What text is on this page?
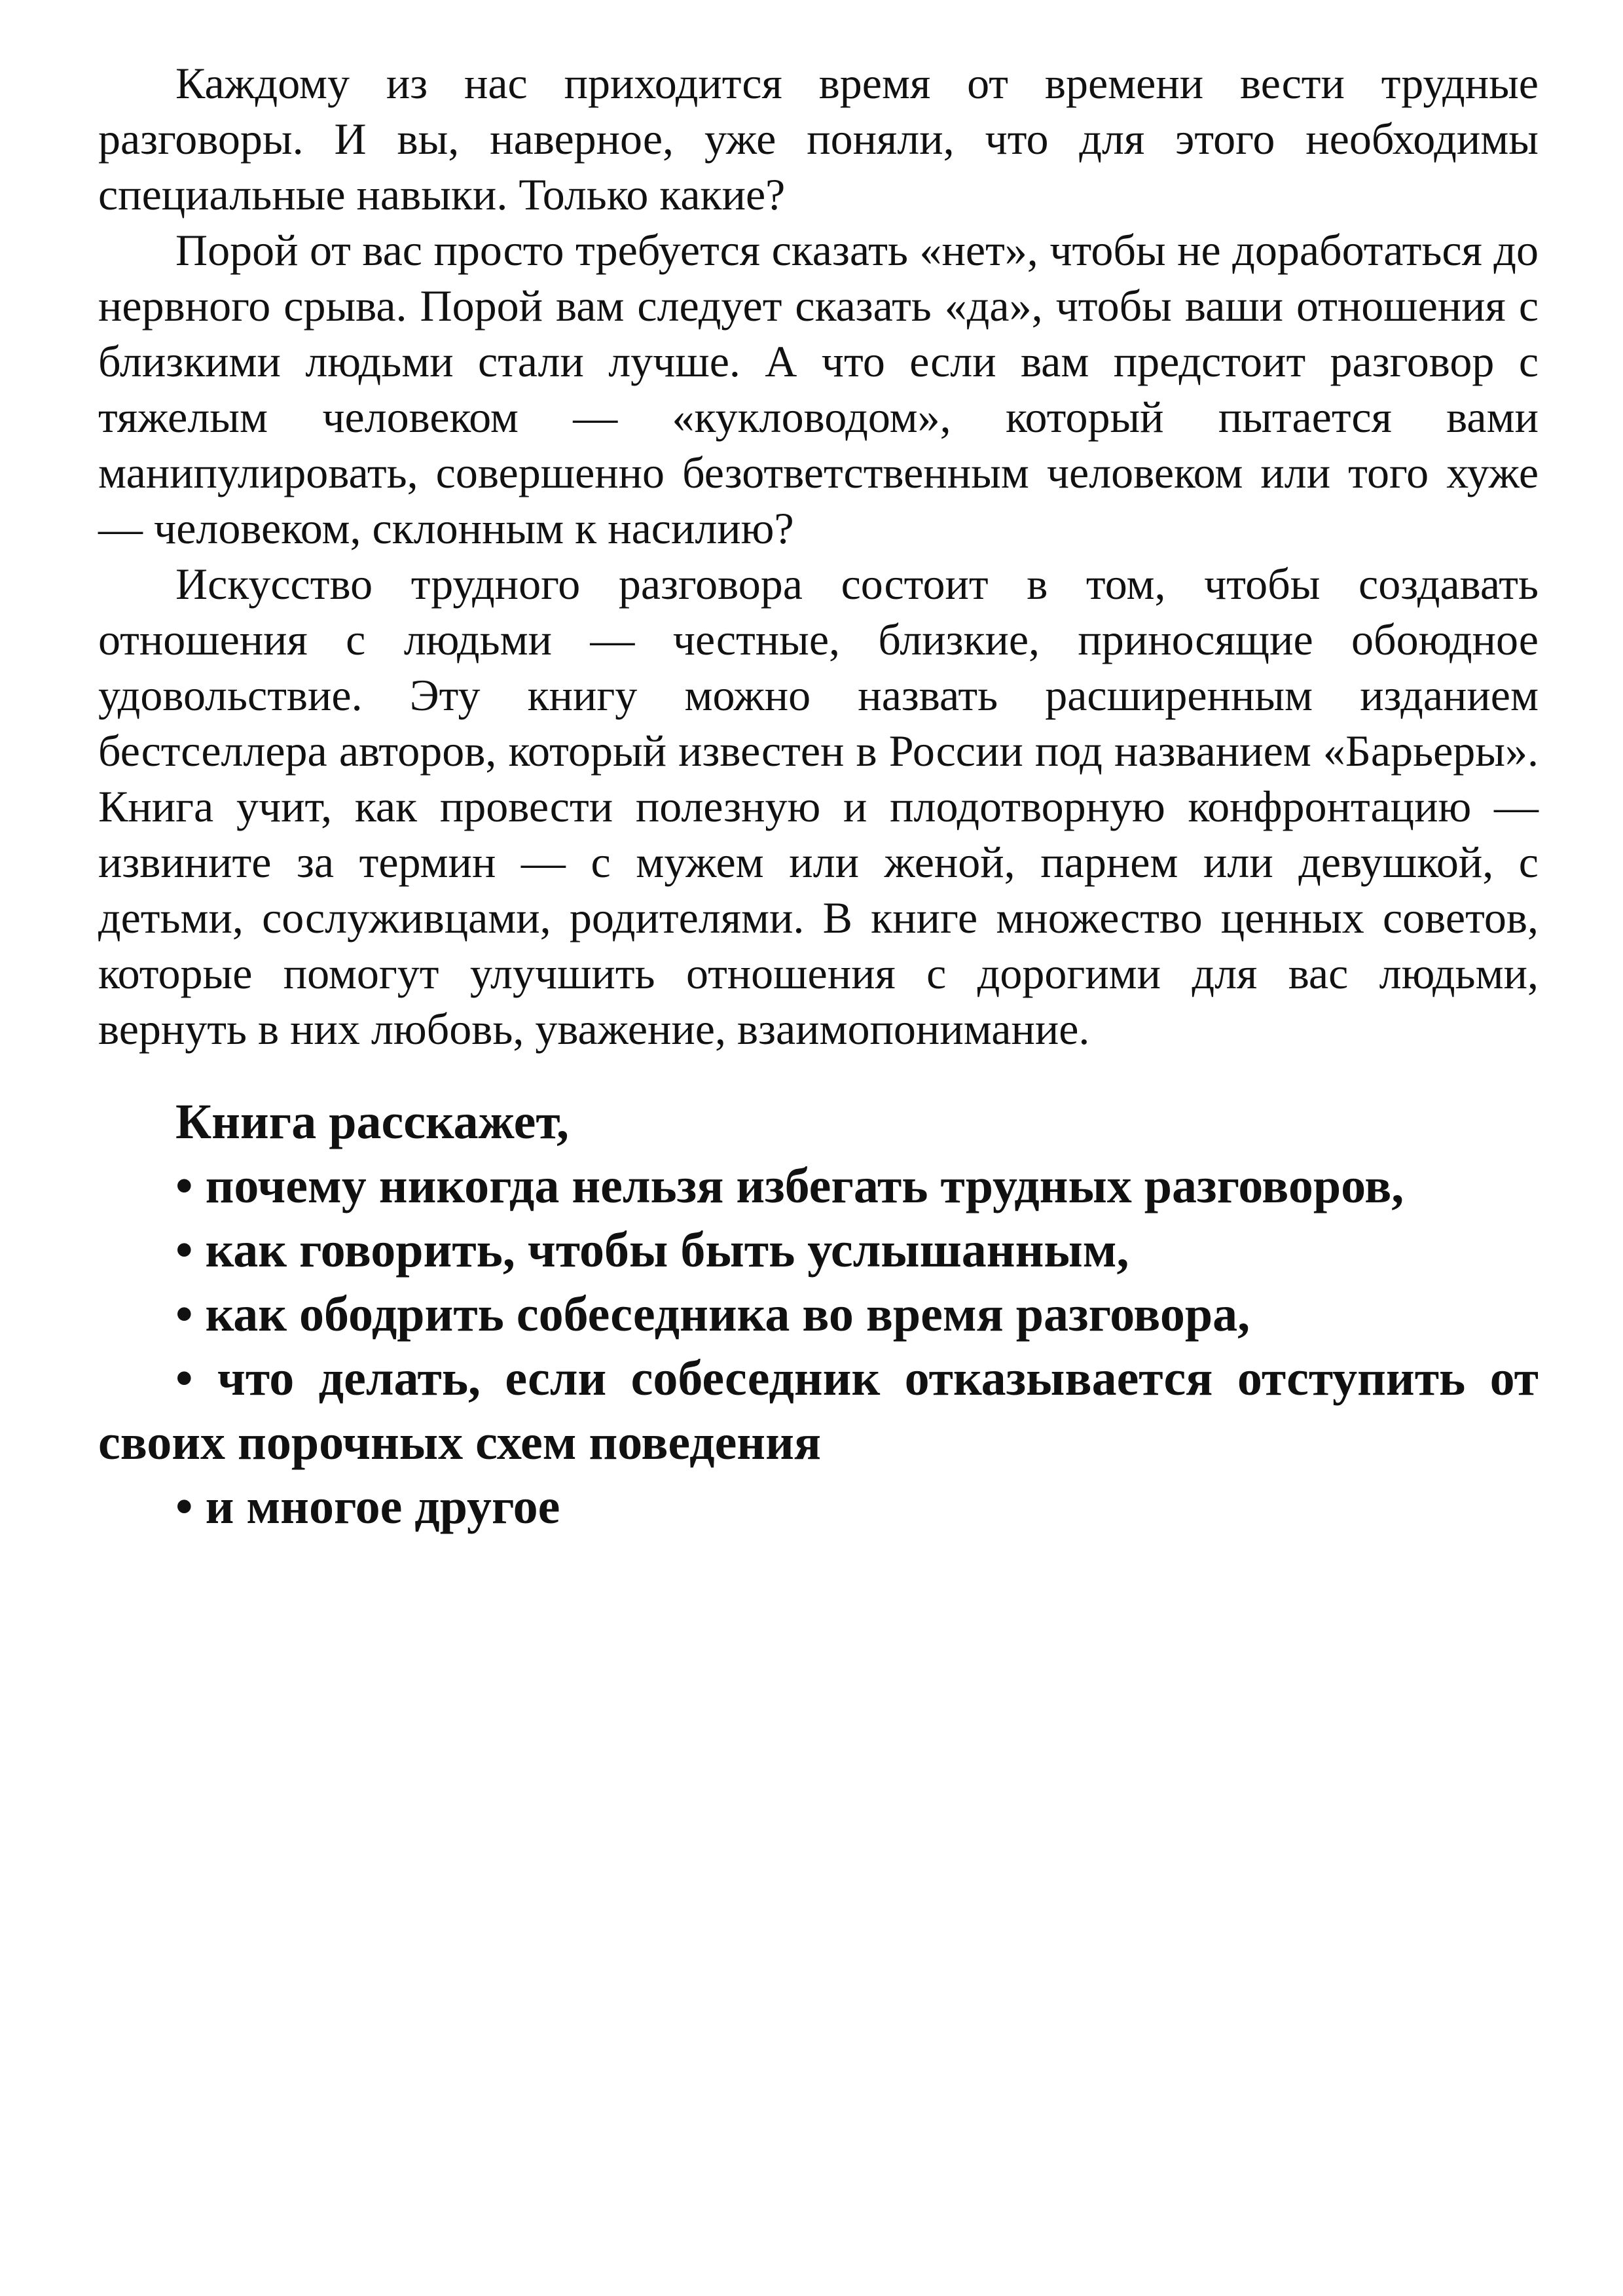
Каждому из нас приходится время от времени вести трудные разговоры. И вы, наверное, уже поняли, что для этого необходимы специальные навыки. Только какие?

Порой от вас просто требуется сказать «нет», чтобы не доработаться до нервного срыва. Порой вам следует сказать «да», чтобы ваши отношения с близкими людьми стали лучше. А что если вам предстоит разговор с тяжелым человеком — «кукловодом», который пытается вами манипулировать, совершенно безответственным человеком или того хуже — человеком, склонным к насилию?

Искусство трудного разговора состоит в том, чтобы создавать отношения с людьми — честные, близкие, приносящие обоюдное удовольствие. Эту книгу можно назвать расширенным изданием бестселлера авторов, который известен в России под названием «Барьеры». Книга учит, как провести полезную и плодотворную конфронтацию — извините за термин — с мужем или женой, парнем или девушкой, с детьми, сослуживцами, родителями. В книге множество ценных советов, которые помогут улучшить отношения с дорогими для вас людьми, вернуть в них любовь, уважение, взаимопонимание.

Книга расскажет,

• почему никогда нельзя избегать трудных разговоров,
• как говорить, чтобы быть услышанным,
• как ободрить собеседника во время разговора,
• что делать, если собеседник отказывается отступить от своих порочных схем поведения
• и многое другое
